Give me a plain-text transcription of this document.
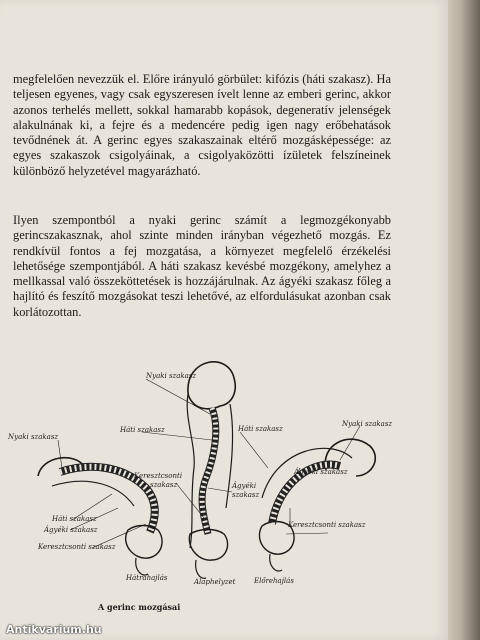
megfelelően nevezzük el. Előre irányuló görbület: kifózis (háti szakasz). Ha teljesen egyenes, vagy csak egyszeresen ívelt lenne az emberi gerinc, akkor azonos terhelés mellett, sokkal hamarabb kopások, degeneratív jelenségek alakulnának ki, a fejre és a medencére pedig igen nagy erőbehatások tevődnének át. A gerinc egyes szakaszainak eltérő mozgásképessége: az egyes szakaszok csigolyáinak, a csigolyaközötti ízületek felszíneinek különböző helyzetével magyarázható.

Ilyen szempontból a nyaki gerinc számít a legmozgékonyabb gerincszakasznak, ahol szinte minden irányban végezhető mozgás. Ez rendkívül fontos a fej mozgatása, a környezet megfelelő érzékelési lehetősége szempontjából. A háti szakasz kevésbé mozgékony, amelyhez a mellkassal való összeköttetések is hozzájárulnak. Az ágyéki szakasz főleg a hajlító és feszítő mozgásokat teszi lehetővé, az elfordulásukat azonban csak korlátozottan.

Nyaki szakasz
Háti szakasz
Ágyéki szakasz
Keresztcsonti szakasz
Nyaki szakasz
Háti szakasz
Keresztcsonti
szakasz	Ágyéki
szakasz
Háti szakasz
Nyaki szakasz
Ágyéki szakasz
Keresztcsonti szakasz
Hátrahajlás	Alaphelyzet	Előrehajlás
A gerinc mozgásai
Antikvarium.hu
